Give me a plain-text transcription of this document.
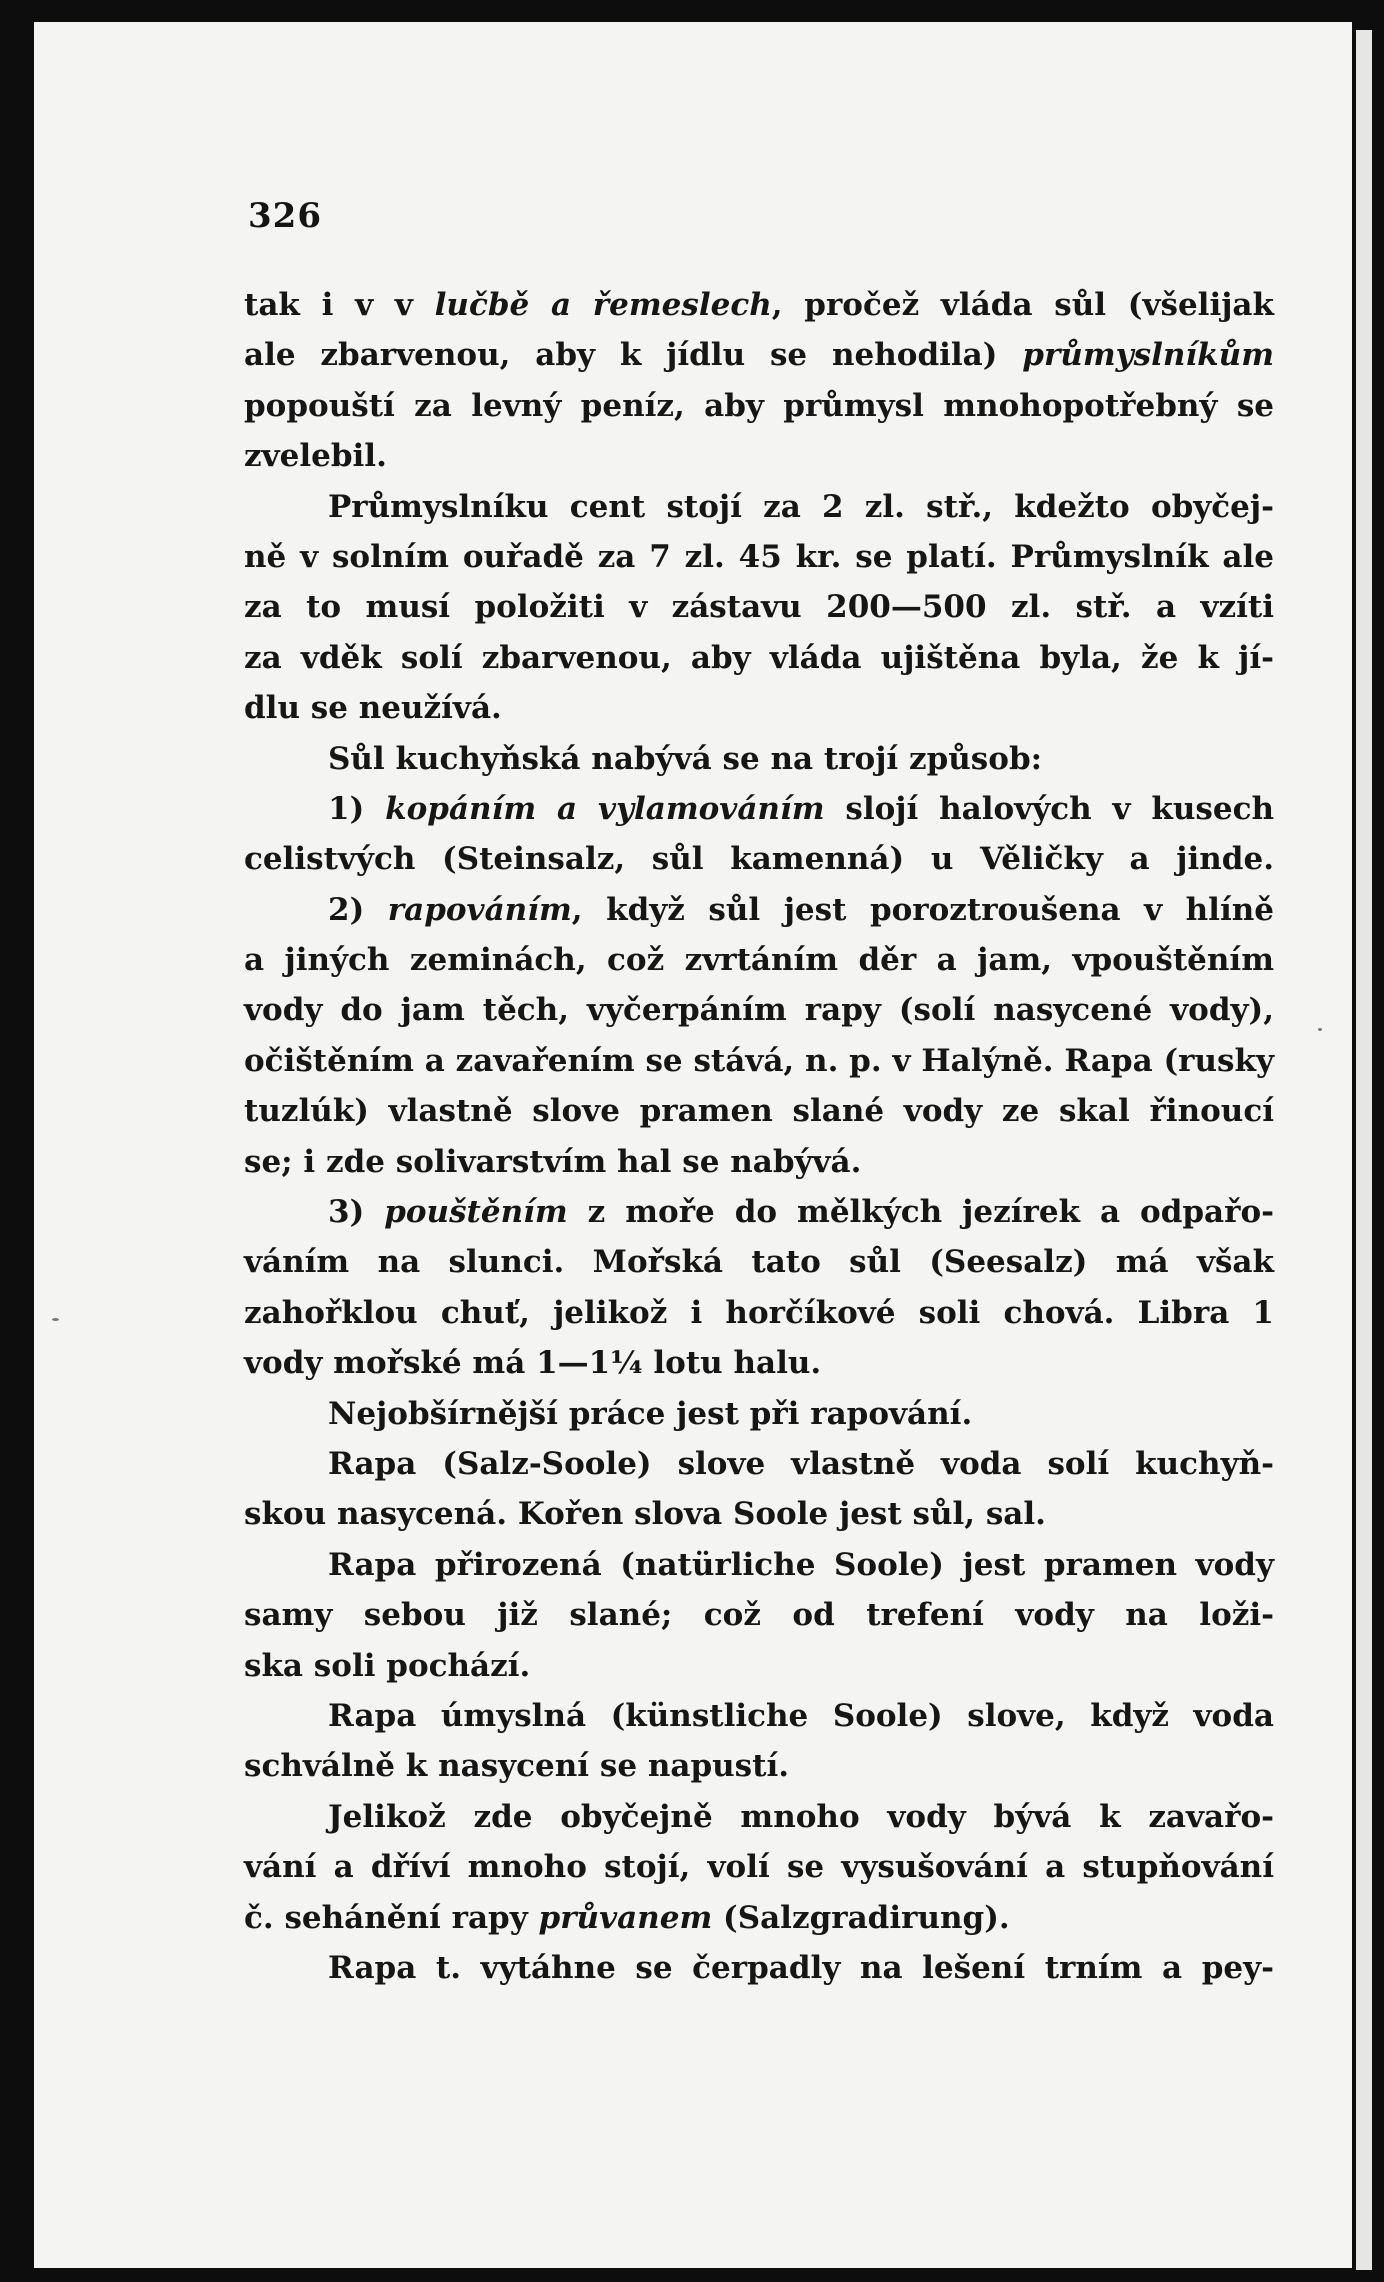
326
tak i v v lučbě a řemeslech, pročež vláda sůl (všelijak
ale zbarvenou, aby k jídlu se nehodila) průmyslníkům
popouští za levný peníz, aby průmysl mnohopotřebný se
zvelebil.
Průmyslníku cent stojí za 2 zl. stř., kdežto obyčej-
ně v solním ouřadě za 7 zl. 45 kr. se platí. Průmyslník ale
za to musí položiti v zástavu 200—500 zl. stř. a vzíti
za vděk solí zbarvenou, aby vláda ujištěna byla, že k jí-
dlu se neužívá.
Sůl kuchyňská nabývá se na trojí způsob:
1) kopáním a vylamováním slojí halových v kusech
celistvých (Steinsalz, sůl kamenná) u Věličky a jinde.
2) rapováním, když sůl jest poroztroušena v hlíně
a jiných zeminách, což zvrtáním děr a jam, vpouštěním
vody do jam těch, vyčerpáním rapy (solí nasycené vody),
očištěním a zavařením se stává, n. p. v Halýně. Rapa (rusky
tuzlúk) vlastně slove pramen slané vody ze skal řinoucí
se; i zde solivarstvím hal se nabývá.
3) pouštěním z moře do mělkých jezírek a odpařo-
váním na slunci. Mořská tato sůl (Seesalz) má však
zahořklou chuť, jelikož i horčíkové soli chová. Libra 1
vody mořské má 1—1¼ lotu halu.
Nejobšírnější práce jest při rapování.
Rapa (Salz-Soole) slove vlastně voda solí kuchyň-
skou nasycená. Kořen slova Soole jest sůl, sal.
Rapa přirozená (natürliche Soole) jest pramen vody
samy sebou již slané; což od trefení vody na loži-
ska soli pochází.
Rapa úmyslná (künstliche Soole) slove, když voda
schválně k nasycení se napustí.
Jelikož zde obyčejně mnoho vody bývá k zavařo-
vání a dříví mnoho stojí, volí se vysušování a stupňování
č. sehánění rapy průvanem (Salzgradirung).
Rapa t. vytáhne se čerpadly na lešení trním a pey-
